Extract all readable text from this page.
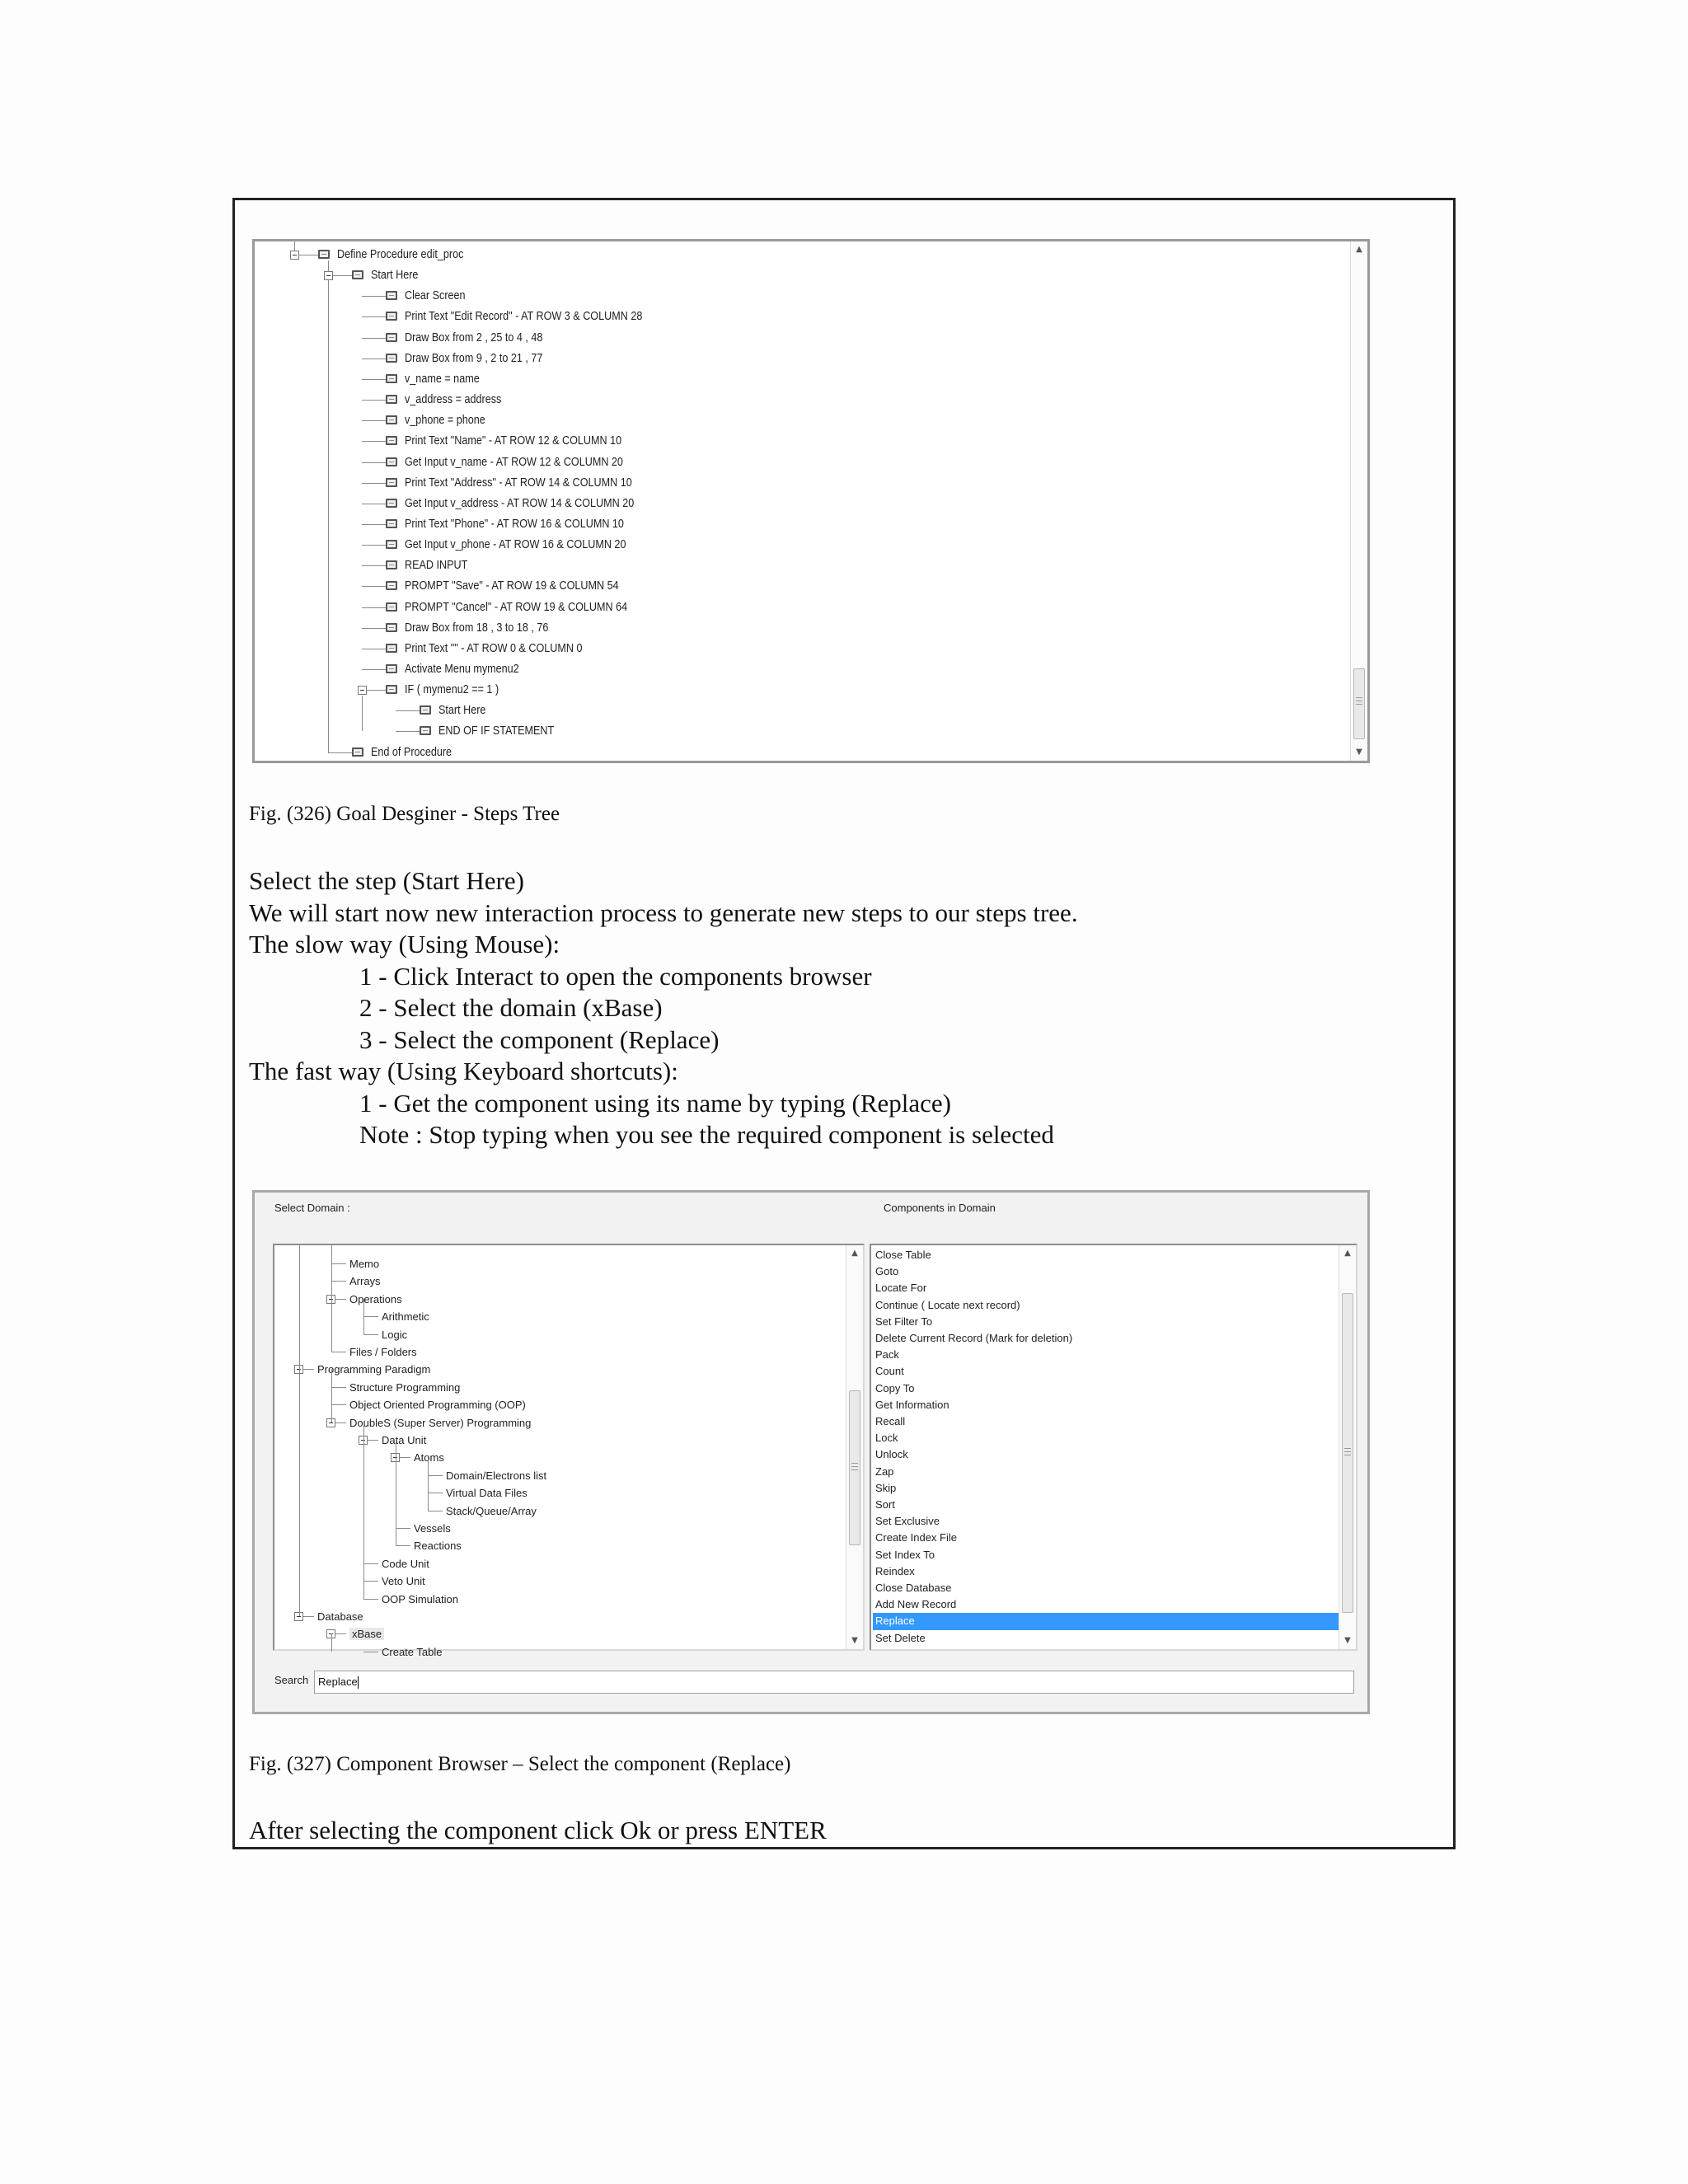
Define Procedure edit_proc
Start Here
Clear Screen
Print Text "Edit Record" - AT ROW 3 & COLUMN 28
Draw Box from 2 , 25 to 4 , 48
Draw Box from 9 , 2 to 21 , 77
v_name = name
v_address = address
v_phone = phone
Print Text "Name" - AT ROW 12 & COLUMN 10
Get Input v_name - AT ROW 12 & COLUMN 20
Print Text "Address" - AT ROW 14 & COLUMN 10
Get Input v_address - AT ROW 14 & COLUMN 20
Print Text "Phone" - AT ROW 16 & COLUMN 10
Get Input v_phone - AT ROW 16 & COLUMN 20
READ INPUT
PROMPT "Save" - AT ROW 19 & COLUMN 54
PROMPT "Cancel" - AT ROW 19 & COLUMN 64
Draw Box from 18 , 3 to 18 , 76
Print Text "" - AT ROW 0 & COLUMN 0
Activate Menu mymenu2
IF ( mymenu2 == 1 )
Start Here
END OF IF STATEMENT
End of Procedure
▲
▼
Fig. (326) Goal Desginer - Steps Tree
Select the step (Start Here)
We will start now new interaction process to generate new steps to our steps tree.
The slow way (Using Mouse):
1 - Click Interact to open the components browser
2 - Select the domain (xBase)
3 - Select the component (Replace)
The fast way (Using Keyboard shortcuts):
1 - Get the component using its name by typing (Replace)
Note : Stop typing when you see the required component is selected
Select Domain :	Components in Domain
Memo
Arrays
Operations
Arithmetic
Logic
Files / Folders
Programming Paradigm
Structure Programming
Object Oriented Programming (OOP)
DoubleS (Super Server) Programming
Data Unit
Atoms
Domain/Electrons list
Virtual Data Files
Stack/Queue/Array
Vessels
Reactions
Code Unit
Veto Unit
OOP Simulation
Database
xBase
Create Table
▲
▼
Close Table
Goto
Locate For
Continue ( Locate next record)
Set Filter To
Delete Current Record (Mark for deletion)
Pack
Count
Copy To
Get Information
Recall
Lock
Unlock
Zap
Skip
Sort
Set Exclusive
Create Index File
Set Index To
Reindex
Close Database
Add New Record
Replace
Set Delete
▲
▼
Search Replace
Fig. (327) Component Browser – Select the component (Replace)
After selecting the component click Ok or press ENTER
